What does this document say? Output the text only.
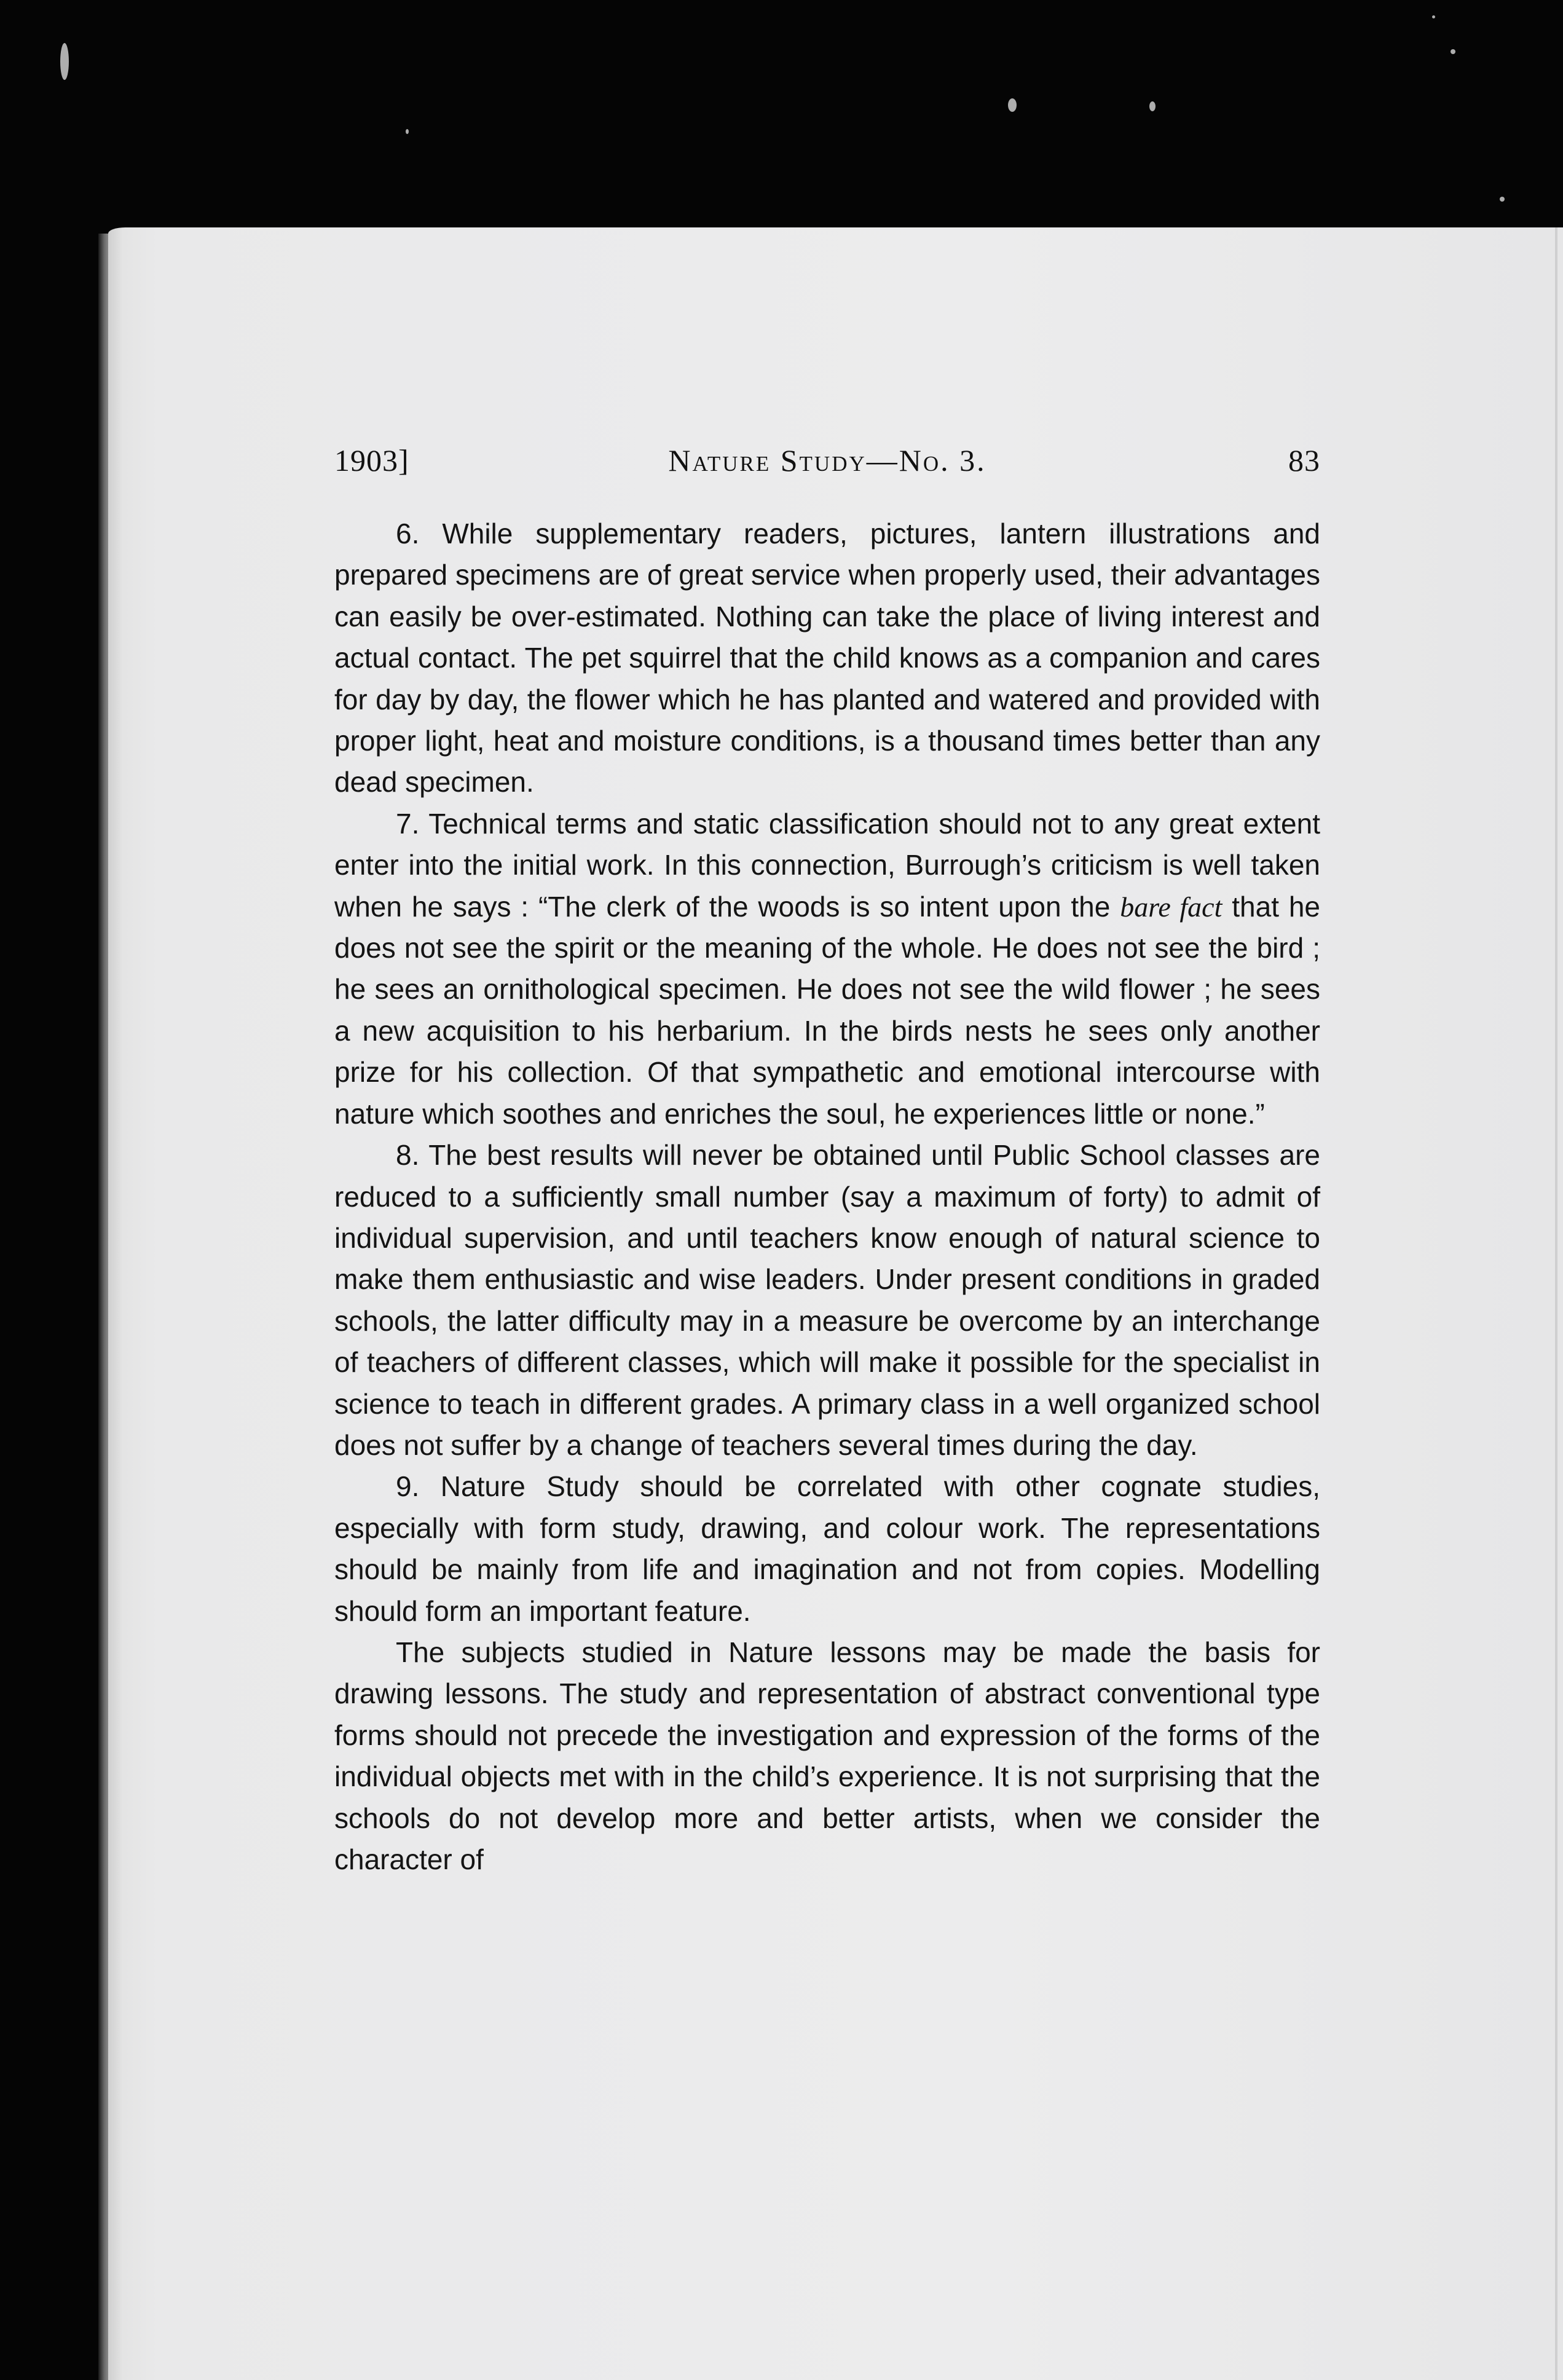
1903]	Nature Study—No. 3.	83

6. While supplementary readers, pictures, lantern illustrations and prepared specimens are of great service when properly used, their advantages can easily be over-estimated. Nothing can take the place of living interest and actual contact. The pet squirrel that the child knows as a companion and cares for day by day, the flower which he has planted and watered and provided with proper light, heat and moisture conditions, is a thousand times better than any dead specimen.

7. Technical terms and static classification should not to any great extent enter into the initial work. In this connection, Burrough’s criticism is well taken when he says : “The clerk of the woods is so intent upon the bare fact that he does not see the spirit or the meaning of the whole. He does not see the bird ; he sees an ornithological specimen. He does not see the wild flower ; he sees a new acquisition to his herbarium. In the birds nests he sees only another prize for his collection. Of that sympathetic and emotional intercourse with nature which soothes and enriches the soul, he experiences little or none.”

8. The best results will never be obtained until Public School classes are reduced to a sufficiently small number (say a maximum of forty) to admit of individual supervision, and until teachers know enough of natural science to make them enthusiastic and wise leaders. Under present conditions in graded schools, the latter difficulty may in a measure be overcome by an interchange of teachers of different classes, which will make it possible for the specialist in science to teach in different grades. A primary class in a well organized school does not suffer by a change of teachers several times during the day.

9. Nature Study should be correlated with other cognate studies, especially with form study, drawing, and colour work. The representations should be mainly from life and imagination and not from copies. Modelling should form an important feature.

The subjects studied in Nature lessons may be made the basis for drawing lessons. The study and representation of abstract conventional type forms should not precede the investigation and expression of the forms of the individual objects met with in the child’s experience. It is not surprising that the schools do not develop more and better artists, when we consider the character of
